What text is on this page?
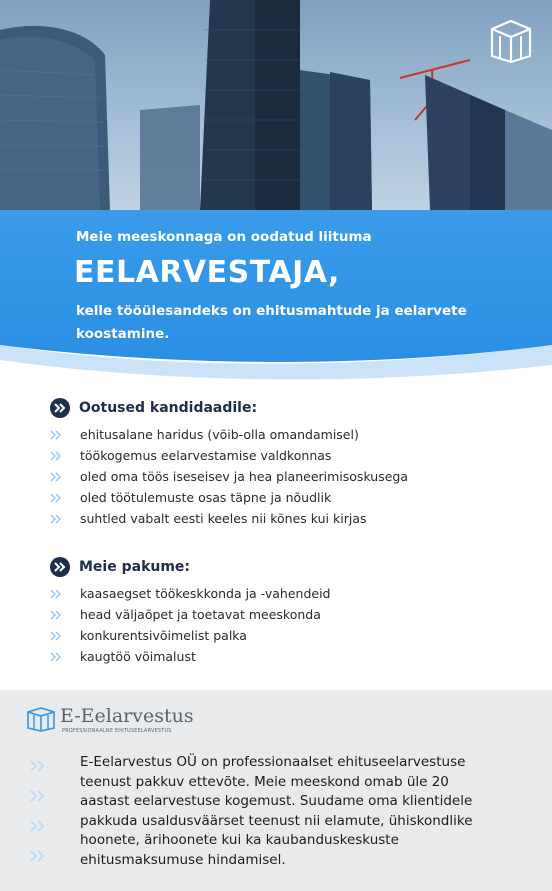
Meie meeskonnaga on oodatud liituma
EELARVESTAJA,
kelle tööülesandeks on ehitusmahtude ja eelarvete koostamine.
Ootused kandidaadile:
ehitusalane haridus (võib-olla omandamisel)
töökogemus eelarvestamise valdkonnas
oled oma töös iseseisev ja hea planeerimisoskusega
oled töötulemuste osas täpne ja nõudlik
suhtled vabalt eesti keeles nii kõnes kui kirjas
Meie pakume:
kaasaegset töökeskkonda ja -vahendeid
head väljaõpet ja toetavat meeskonda
konkurentsivõimelist palka
kaugtöö võimalust
E-Eelarvestus
PROFESSIONAALNE EHITUSEELARVESTUS
E-Eelarvestus OÜ on professionaalset ehituseelarvestuse teenust pakkuv ettevõte. Meie meeskond omab üle 20 aastast eelarvestuse kogemust. Suudame oma klientidele pakkuda usaldusväärset teenust nii elamute, ühiskondlike hoonete, ärihoonete kui ka kaubanduskeskuste ehitusmaksumuse hindamisel.
